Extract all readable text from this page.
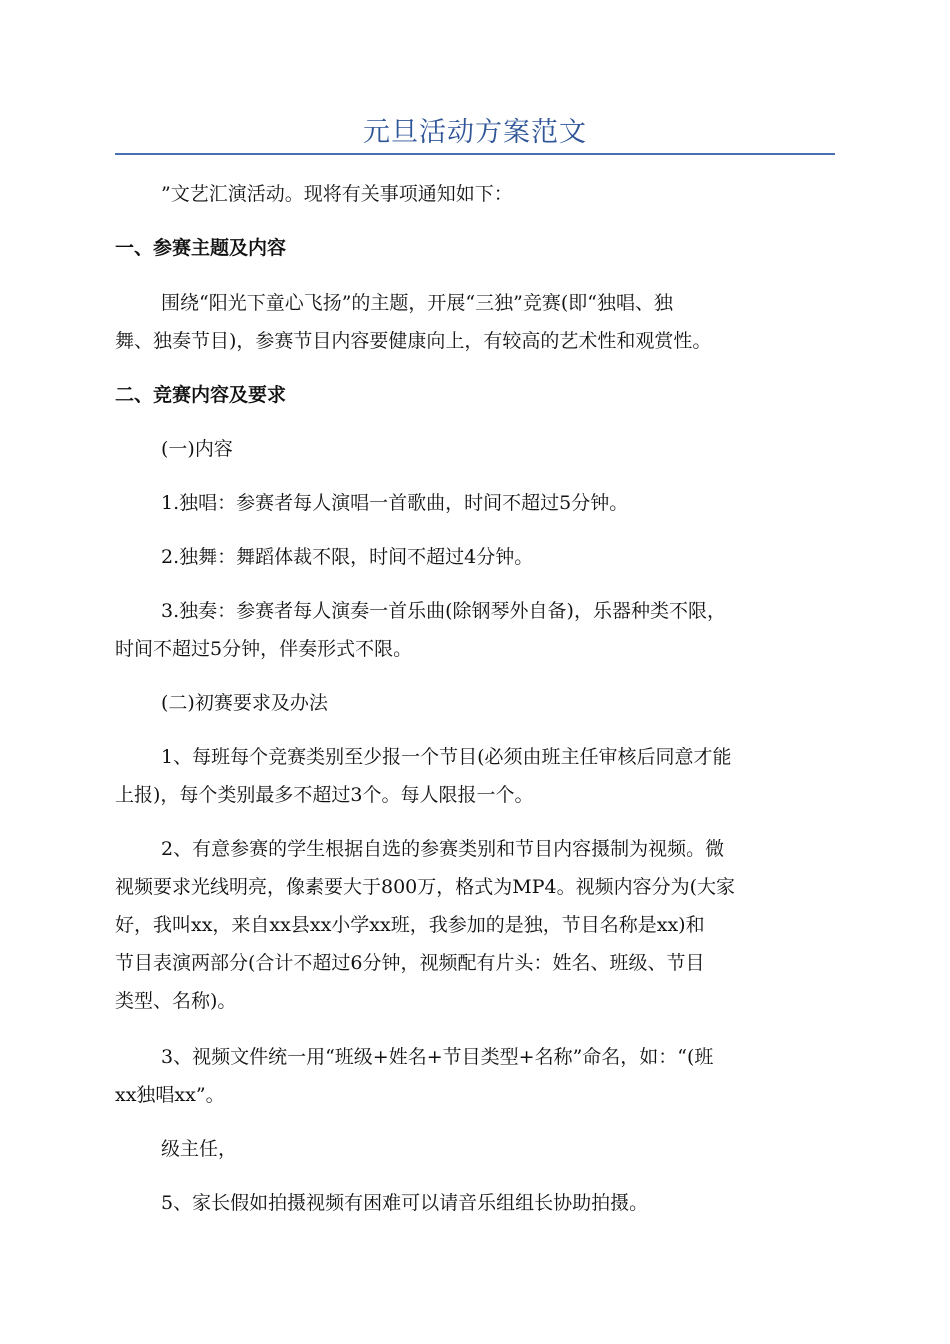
元旦活动方案范文
”文艺汇演活动。现将有关事项通知如下：
一、参赛主题及内容
围绕“阳光下童心飞扬”的主题，开展“三独”竞赛(即“独唱、独
舞、独奏节目)，参赛节目内容要健康向上，有较高的艺术性和观赏性。
二、竞赛内容及要求
(一)内容
1.独唱：参赛者每人演唱一首歌曲，时间不超过5分钟。
2.独舞：舞蹈体裁不限，时间不超过4分钟。
3.独奏：参赛者每人演奏一首乐曲(除钢琴外自备)，乐器种类不限，
时间不超过5分钟，伴奏形式不限。
(二)初赛要求及办法
1、每班每个竞赛类别至少报一个节目(必须由班主任审核后同意才能
上报)，每个类别最多不超过3个。每人限报一个。
2、有意参赛的学生根据自选的参赛类别和节目内容摄制为视频。微
视频要求光线明亮，像素要大于800万，格式为MP4。视频内容分为(大家
好，我叫xx，来自xx县xx小学xx班，我参加的是独，节目名称是xx)和
节目表演两部分(合计不超过6分钟，视频配有片头：姓名、班级、节目
类型、名称)。
3、视频文件统一用“班级+姓名+节目类型+名称”命名，如：“(班
xx独唱xx”。
级主任，
5、家长假如拍摄视频有困难可以请音乐组组长协助拍摄。
